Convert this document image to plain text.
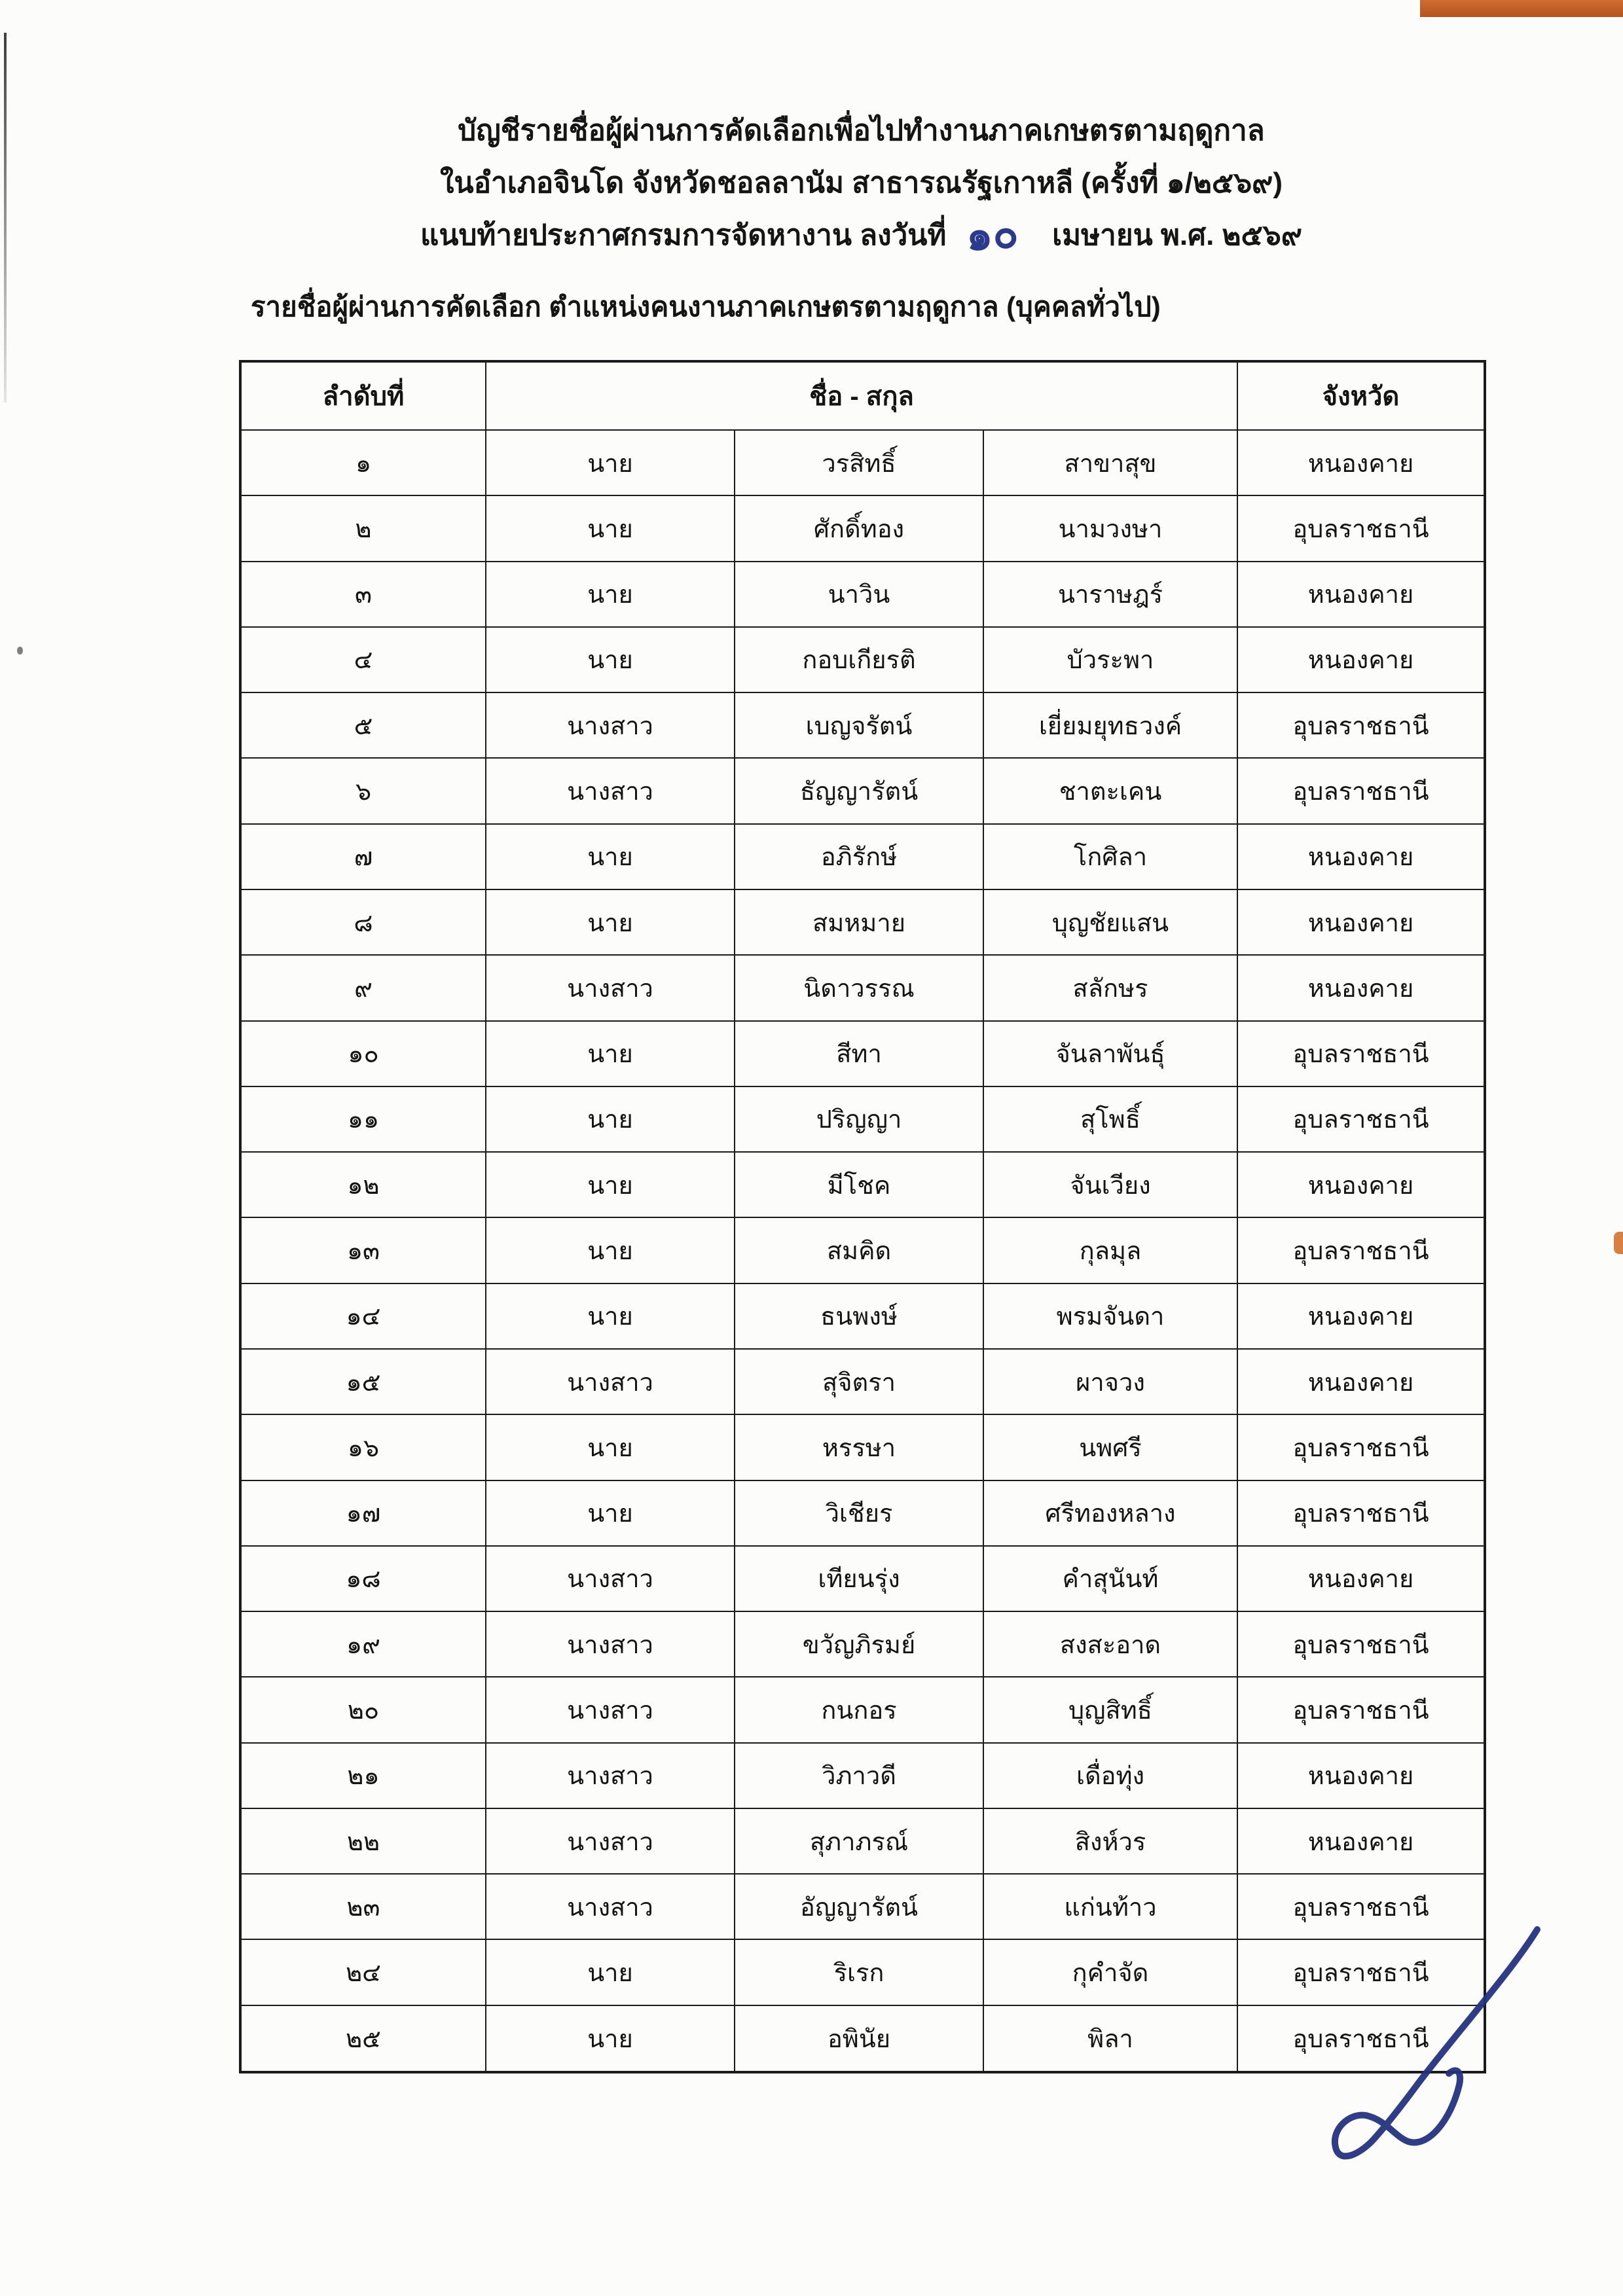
บัญชีรายชื่อผู้ผ่านการคัดเลือกเพื่อไปทำงานภาคเกษตรตามฤดูกาล
ในอำเภอจินโด จังหวัดชอลลานัม สาธารณรัฐเกาหลี (ครั้งที่ ๑/๒๕๖๙)
แนบท้ายประกาศกรมการจัดหางาน ลงวันที่ ๑๐ เมษายน พ.ศ. ๒๕๖๙
รายชื่อผู้ผ่านการคัดเลือก ตำแหน่งคนงานภาคเกษตรตามฤดูกาล (บุคคลทั่วไป)
ลำดับที่	ชื่อ - สกุล			จังหวัด
๑	นาย	วรสิทธิ์	สาขาสุข	หนองคาย
๒	นาย	ศักดิ์ทอง	นามวงษา	อุบลราชธานี
๓	นาย	นาวิน	นาราษฎร์	หนองคาย
๔	นาย	กอบเกียรติ	บัวระพา	หนองคาย
๕	นางสาว	เบญจรัตน์	เยี่ยมยุทธวงค์	อุบลราชธานี
๖	นางสาว	ธัญญารัตน์	ชาตะเคน	อุบลราชธานี
๗	นาย	อภิรักษ์	โกศิลา	หนองคาย
๘	นาย	สมหมาย	บุญชัยแสน	หนองคาย
๙	นางสาว	นิดาวรรณ	สลักษร	หนองคาย
๑๐	นาย	สีทา	จันลาพันธุ์	อุบลราชธานี
๑๑	นาย	ปริญญา	สุโพธิ์	อุบลราชธานี
๑๒	นาย	มีโชค	จันเวียง	หนองคาย
๑๓	นาย	สมคิด	กุลมุล	อุบลราชธานี
๑๔	นาย	ธนพงษ์	พรมจันดา	หนองคาย
๑๕	นางสาว	สุจิตรา	ผาจวง	หนองคาย
๑๖	นาย	หรรษา	นพศรี	อุบลราชธานี
๑๗	นาย	วิเชียร	ศรีทองหลาง	อุบลราชธานี
๑๘	นางสาว	เทียนรุ่ง	คำสุนันท์	หนองคาย
๑๙	นางสาว	ขวัญภิรมย์	สงสะอาด	อุบลราชธานี
๒๐	นางสาว	กนกอร	บุญสิทธิ์	อุบลราชธานี
๒๑	นางสาว	วิภาวดี	เดื่อทุ่ง	หนองคาย
๒๒	นางสาว	สุภาภรณ์	สิงห์วร	หนองคาย
๒๓	นางสาว	อัญญารัตน์	แก่นท้าว	อุบลราชธานี
๒๔	นาย	ริเรก	กุคำจัด	อุบลราชธานี
๒๕	นาย	อพินัย	พิลา	อุบลราชธานี
